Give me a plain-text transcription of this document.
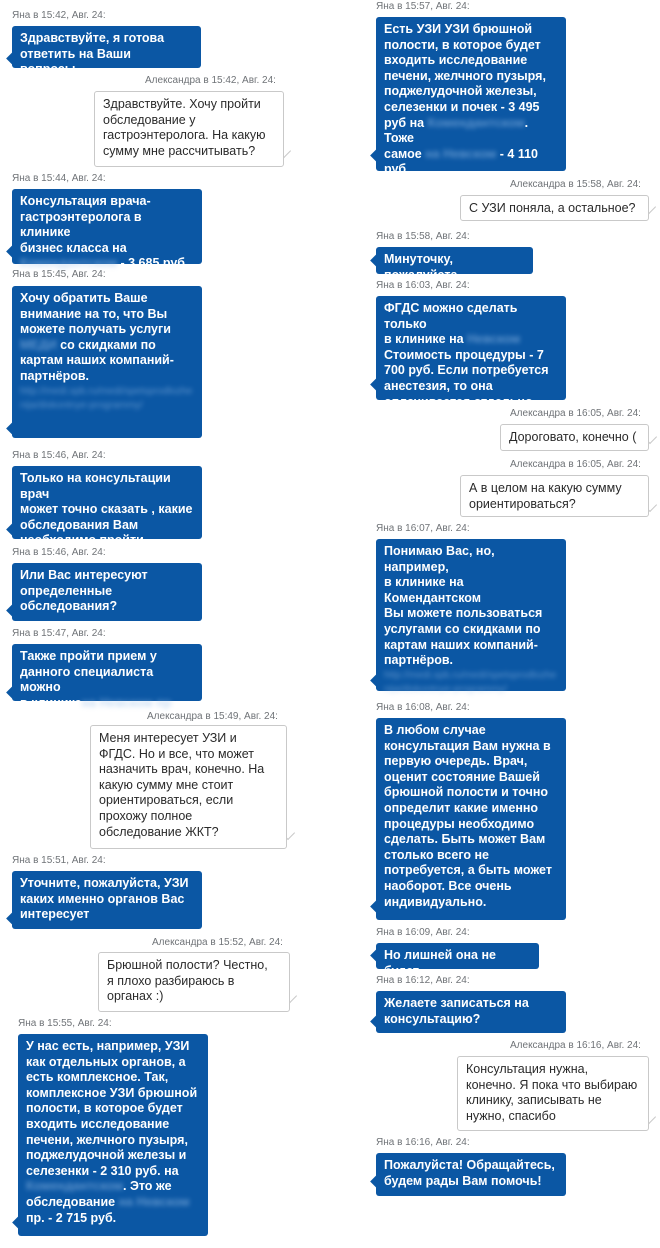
Яна в 15:42, Авг. 24:
Здравствуйте, я готова
ответить на Ваши вопросы.
Александра в 15:42, Авг. 24:
Здравствуйте. Хочу пройти
обследование у
гастроэнтеролога. На какую
сумму мне рассчитывать?
Яна в 15:44, Авг. 24:
Консультация врача-
гастроэнтеролога в клинике
бизнес класса на
Комендантском - 3 685 руб.
Яна в 15:45, Авг. 24:
Хочу обратить Ваше
внимание на то, что Вы
можете получать услуги
МЕДИ со скидками по
картам наших компаний-
партнёров.

http://medi.spb.ru/medi/spetsprodlozhenija/diskontnye-programmy/
Яна в 15:46, Авг. 24:
Только на консультации врач
может точно сказать , какие
обследования Вам
необходимо пройти.
Яна в 15:46, Авг. 24:
Или Вас интересуют
определенные
обследования?
Яна в 15:47, Авг. 24:
Также пройти прием у
данного специалиста можно
в клиникена Невском пр.
Александра в 15:49, Авг. 24:
Меня интересует УЗИ и
ФГДС. Но и все, что может
назначить врач, конечно. На
какую сумму мне стоит
ориентироваться, если
прохожу полное
обследование ЖКТ?
Яна в 15:51, Авг. 24:
Уточните, пожалуйста, УЗИ
каких именно органов Вас
интересует
Александра в 15:52, Авг. 24:
Брюшной полости? Честно,
я плохо разбираюсь в
органах :)
Яна в 15:55, Авг. 24:
У нас есть, например, УЗИ
как отдельных органов, а
есть комплексное. Так,
комплексное УЗИ брюшной
полости, в которое будет
входить исследование
печени, желчного пузыря,
поджелудочной железы и
селезенки - 2 310 руб. на
Комендантском. Это же
обследование на Невском
пр. - 2 715 руб.
Яна в 15:57, Авг. 24:
Есть УЗИ УЗИ брюшной
полости, в которое будет
входить исследование
печени, желчного пузыря,
поджелудочной железы,
селезенки и почек - 3 495
руб на Комендантском. Тоже
самое на Невском - 4 110
руб.
Александра в 15:58, Авг. 24:
С УЗИ поняла, а остальное?
Яна в 15:58, Авг. 24:
Минуточку, пожалуйста
Яна в 16:03, Авг. 24:
ФГДС можно сделать только
в клинике на Невском
Стоимость процедуры - 7
700 руб. Если потребуется
анестезия, то она
оплачивается отдельно.
Александра в 16:05, Авг. 24:
Дороговато, конечно (
Александра в 16:05, Авг. 24:
А в целом на какую сумму
ориентироваться?
Яна в 16:07, Авг. 24:
Понимаю Вас, но, например,
в клинике на Комендантском
Вы можете пользоваться
услугами со скидками по
картам наших компаний-
партнёров.

http://medi.spb.ru/medi/spetsprodlozhenija/diskontnye-programmy/
Яна в 16:08, Авг. 24:
В любом случае
консультация Вам нужна в
первую очередь. Врач,
оценит состояние Вашей
брюшной полости и точно
определит какие именно
процедуры необходимо
сделать. Быть может Вам
столько всего не
потребуется, а быть может
наоборот. Все очень
индивидуально.
Яна в 16:09, Авг. 24:
Но лишней она не будет
Яна в 16:12, Авг. 24:
Желаете записаться на
консультацию?
Александра в 16:16, Авг. 24:
Консультация нужна,
конечно. Я пока что выбираю
клинику, записывать не
нужно, спасибо
Яна в 16:16, Авг. 24:
Пожалуйста! Обращайтесь,
будем рады Вам помочь!
